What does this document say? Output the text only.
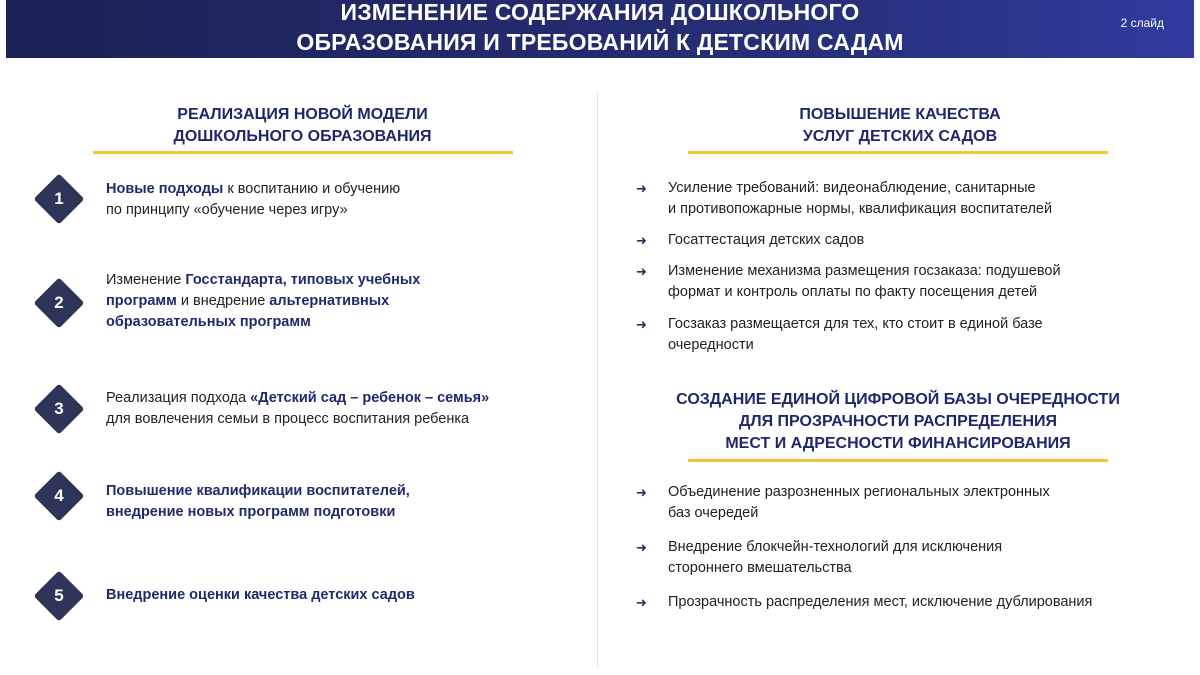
ИЗМЕНЕНИЕ СОДЕРЖАНИЯ ДОШКОЛЬНОГО
ОБРАЗОВАНИЯ И ТРЕБОВАНИЙ К ДЕТСКИМ САДАМ
2 слайд
РЕАЛИЗАЦИЯ НОВОЙ МОДЕЛИ
ДОШКОЛЬНОГО ОБРАЗОВАНИЯ
1	Новые подходы к воспитанию и обучению
по принципу «обучение через игру»
2
Изменение Госстандарта, типовых учебных
программ и внедрение альтернативных
образовательных программ
3
Реализация подхода «Детский сад – ребенок – семья»
для вовлечения семьи в процесс воспитания ребенка
4	Повышение квалификации воспитателей,
внедрение новых программ подготовки
5	Внедрение оценки качества детских садов
ПОВЫШЕНИЕ КАЧЕСТВА
УСЛУГ ДЕТСКИХ САДОВ
➜	Усиление требований: видеонаблюдение, санитарные
и противопожарные нормы, квалификация воспитателей
➜	Госаттестация детских садов
➜	Изменение механизма размещения госзаказа: подушевой
формат и контроль оплаты по факту посещения детей
➜	Госзаказ размещается для тех, кто стоит в единой базе
очередности
СОЗДАНИЕ ЕДИНОЙ ЦИФРОВОЙ БАЗЫ ОЧЕРЕДНОСТИ
ДЛЯ ПРОЗРАЧНОСТИ РАСПРЕДЕЛЕНИЯ
МЕСТ И АДРЕСНОСТИ ФИНАНСИРОВАНИЯ
➜	Объединение разрозненных региональных электронных
баз очередей
➜	Внедрение блокчейн-технологий для исключения
стороннего вмешательства
➜	Прозрачность распределения мест, исключение дублирования
